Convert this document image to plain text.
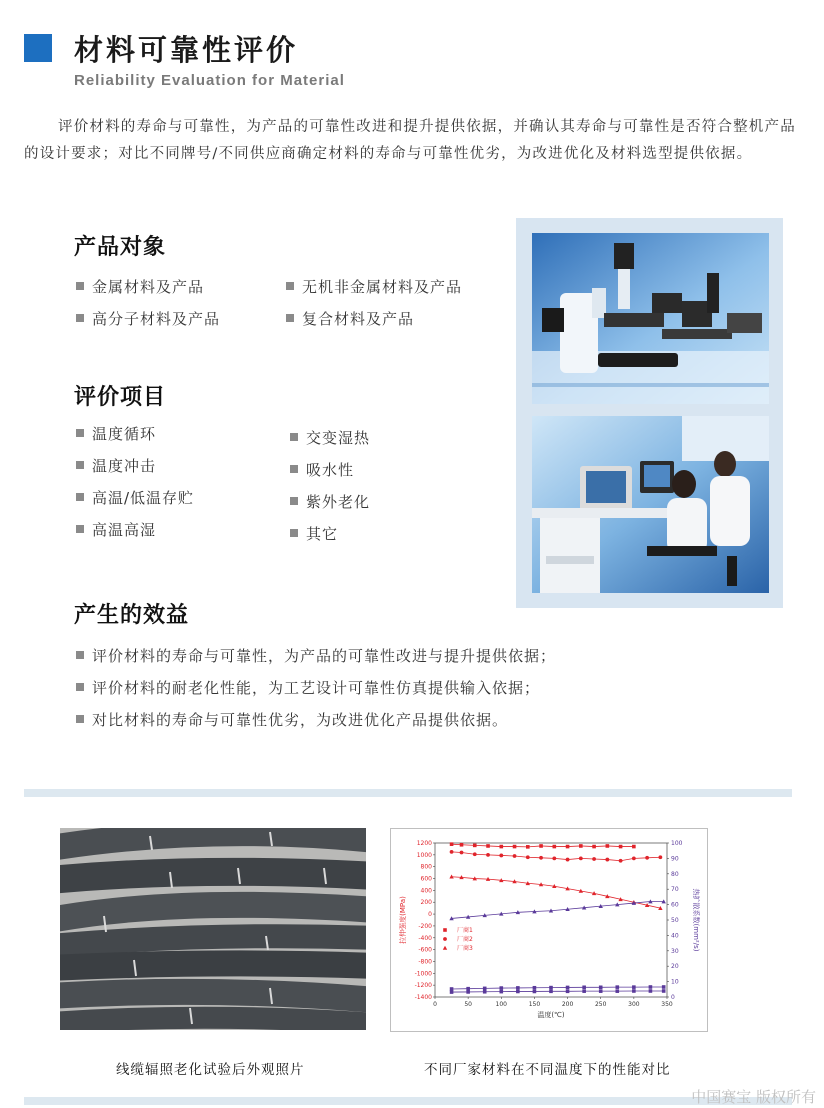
材料可靠性评价
Reliability Evaluation for Material
评价材料的寿命与可靠性，为产品的可靠性改进和提升提供依据，并确认其寿命与可靠性是否符合整机产品的设计要求；对比不同牌号/不同供应商确定材料的寿命与可靠性优劣，为改进优化及材料选型提供依据。
产品对象
金属材料及产品	无机非金属材料及产品
高分子材料及产品	复合材料及产品
评价项目
温度循环
温度冲击
高温/低温存贮
高温高湿
交变湿热
吸水性
紫外老化
其它
产生的效益
评价材料的寿命与可靠性，为产品的可靠性改进与提升提供依据；
评价材料的耐老化性能，为工艺设计可靠性仿真提供输入依据；
对比材料的寿命与可靠性优劣，为改进优化产品提供依据。
1200
1000
800
600
400
200
0
-200
-400
-600
-800
-1000
-1200
-1400	0
10
20
30
40
50
60
70
80
90
100
0	50	100	150	200	250	300	350
温度(℃)
拉伸强度(MPa)	热扩散系数(mm²/s)
厂商1
厂商2
厂商3
线缆辐照老化试验后外观照片	不同厂家材料在不同温度下的性能对比
中国赛宝 版权所有
